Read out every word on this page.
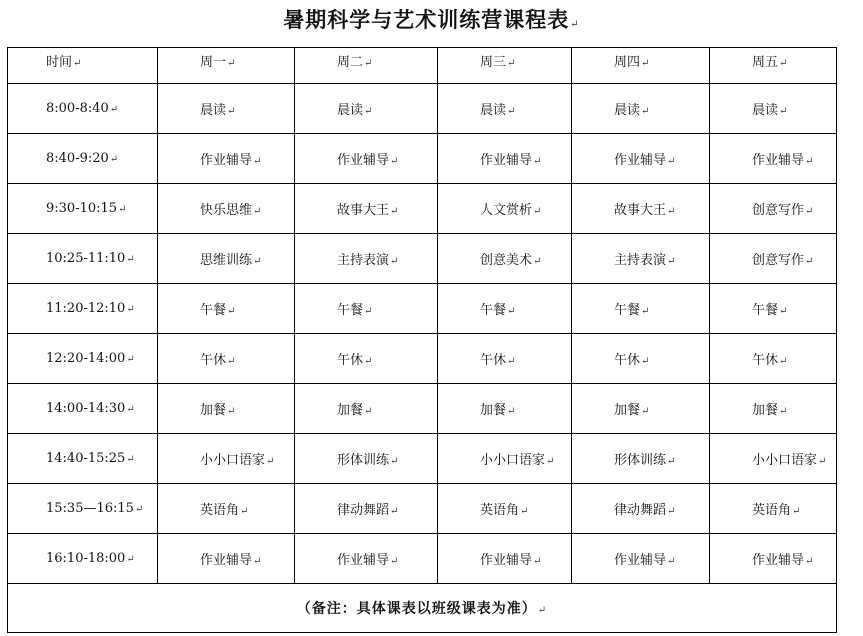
暑期科学与艺术训练营课程表↵
时间↵	周一↵	周二↵	周三↵	周四↵	周五↵
8:00-8:40↵	晨读↵	晨读↵	晨读↵	晨读↵	晨读↵
8:40-9:20↵	作业辅导↵	作业辅导↵	作业辅导↵	作业辅导↵	作业辅导↵
9:30-10:15↵	快乐思维↵	故事大王↵	人文赏析↵	故事大王↵	创意写作↵
10:25-11:10↵	思维训练↵	主持表演↵	创意美术↵	主持表演↵	创意写作↵
11:20-12:10↵	午餐↵	午餐↵	午餐↵	午餐↵	午餐↵
12:20-14:00↵	午休↵	午休↵	午休↵	午休↵	午休↵
14:00-14:30↵	加餐↵	加餐↵	加餐↵	加餐↵	加餐↵
14:40-15:25↵	小小口语家↵	形体训练↵	小小口语家↵	形体训练↵	小小口语家↵
15:35—16:15↵	英语角↵	律动舞蹈↵	英语角↵	律动舞蹈↵	英语角↵
16:10-18:00↵	作业辅导↵	作业辅导↵	作业辅导↵	作业辅导↵	作业辅导↵
（备注：具体课表以班级课表为准）↵					
